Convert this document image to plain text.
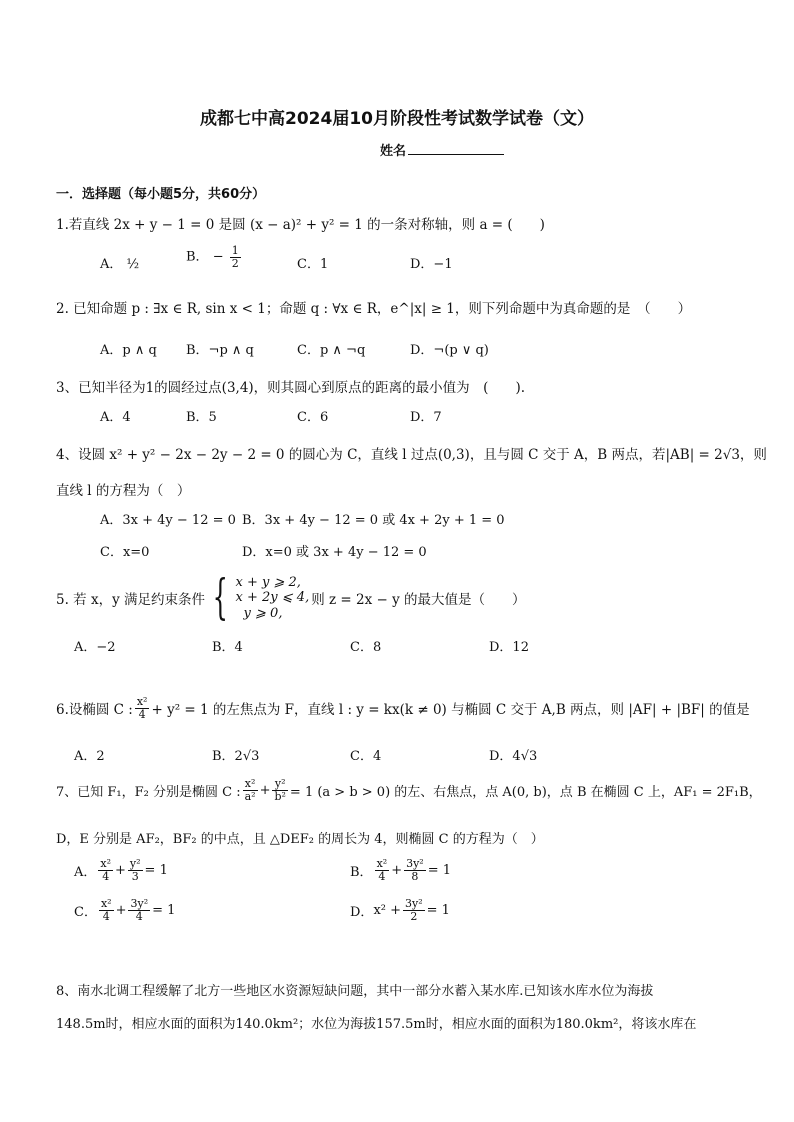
成都七中高2024届10月阶段性考试数学试卷（文）
姓名
一．选择题（每小题5分，共60分）
1.若直线 2x + y − 1 = 0 是圆 (x − a)² + y² = 1 的一条对称轴，则 a = (　　)
A． ½	B． − $\frac{1}{2}$	C．1	D．−1
2. 已知命题 p : ∃x ∈ R, sin x < 1；命题 q : ∀x ∈ R，e^|x| ≥ 1，则下列命题中为真命题的是　（　　）
A．p ∧ q B．¬p ∧ q	C．p ∧ ¬q	D．¬(p ∨ q)
3、已知半径为1的圆经过点(3,4)，则其圆心到原点的距离的最小值为　(　　).
A．4	B．5	C．6	D．7
4、设圆 x² + y² − 2x − 2y − 2 = 0 的圆心为 C，直线 l 过点(0,3)，且与圆 C 交于 A，B 两点，若|AB| = 2√3，则
直线 l 的方程为（　）
A．3x + 4y − 12 = 0 B．3x + 4y − 12 = 0 或 4x + 2y + 1 = 0
C．x=0	D．x=0 或 3x + 4y − 12 = 0
5. 若 x，y 满足约束条件 { x + y ⩾ 2,
x + 2y ⩽ 4,
y ⩾ 0,
则 z = 2x − y 的最大值是（　　）
A．−2	B．4	C．8	D．12
6.设椭圆 C : $\frac{\text{x²}}{4} + y^2 = 1$ 的左焦点为 F，直线 l : y = kx(k ≠ 0) 与椭圆 C 交于 A,B 两点，则 |AF| + |BF| 的值是
A．2	B．2√3	C．4	D．4√3
7、已知 F₁，F₂ 分别是椭圆 C : $\frac{\text{x²}}{\text{a²}} + \frac{\text{y²}}{\text{b²}} = 1$ (a > b > 0) 的左、右焦点，点 A(0, b)，点 B 在椭圆 C 上，AF₁ = 2F₁B，
D，E 分别是 AF₂，BF₂ 的中点，且 △DEF₂ 的周长为 4，则椭圆 C 的方程为（　）
A． $\frac{\text{x²}}{4} + \frac{\text{y²}}{3} = 1$	B． $\frac{\text{x²}}{4} + \frac{\text{3y²}}{8} = 1$
C． $\frac{\text{x²}}{4} + \frac{\text{3y²}}{4} = 1$	D． $x^2 + \frac{\text{3y²}}{2} = 1$
8、南水北调工程缓解了北方一些地区水资源短缺问题，其中一部分水蓄入某水库.已知该水库水位为海拔
148.5m时，相应水面的面积为140.0km²；水位为海拔157.5m时，相应水面的面积为180.0km²，将该水库在
